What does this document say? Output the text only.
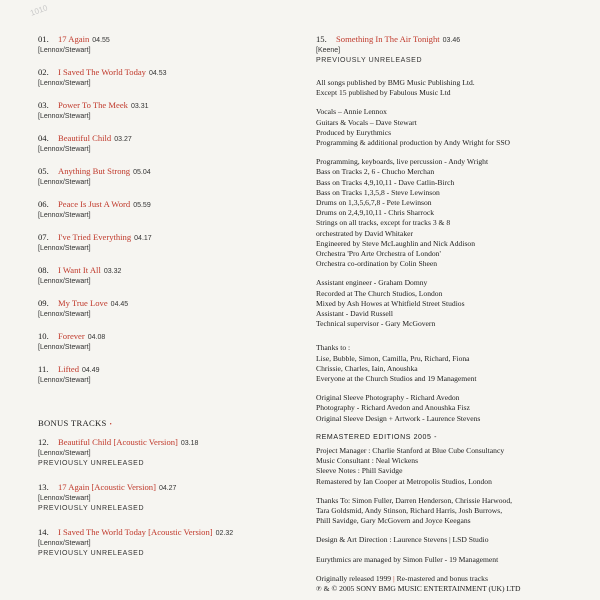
1010
01. 17 Again 04.55
[Lennox/Stewart]
02. I Saved The World Today 04.53
[Lennox/Stewart]
03. Power To The Meek 03.31
[Lennox/Stewart]
04. Beautiful Child 03.27
[Lennox/Stewart]
05. Anything But Strong 05.04
[Lennox/Stewart]
06. Peace Is Just A Word 05.59
[Lennox/Stewart]
07. I've Tried Everything 04.17
[Lennox/Stewart]
08. I Want It All 03.32
[Lennox/Stewart]
09. My True Love 04.45
[Lennox/Stewart]
10. Forever 04.08
[Lennox/Stewart]
11. Lifted 04.49
[Lennox/Stewart]
BONUS TRACKS •
12. Beautiful Child [Acoustic Version] 03.18
[Lennox/Stewart]
PREVIOUSLY UNRELEASED
13. 17 Again [Acoustic Version] 04.27
[Lennox/Stewart]
PREVIOUSLY UNRELEASED
14. I Saved The World Today [Acoustic Version] 02.32
[Lennox/Stewart]
PREVIOUSLY UNRELEASED
15. Something In The Air Tonight 03.46
[Keene]
PREVIOUSLY UNRELEASED
All songs published by BMG Music Publishing Ltd.
Except 15 published by Fabulous Music Ltd
Vocals – Annie Lennox
Guitars & Vocals – Dave Stewart
Produced by Eurythmics
Programming & additional production by Andy Wright for SSO
Programming, keyboards, live percussion - Andy Wright
Bass on Tracks 2, 6 - Chucho Merchan
Bass on Tracks 4,9,10,11 - Dave Catlin-Birch
Bass on Tracks 1,3,5,8 - Steve Lewinson
Drums on 1,3,5,6,7,8 - Pete Lewinson
Drums on 2,4,9,10,11 - Chris Sharrock
Strings on all tracks, except for tracks 3 & 8
orchestrated by David Whitaker
Engineered by Steve McLaughlin and Nick Addison
Orchestra 'Pro Arte Orchestra of London'
Orchestra co-ordination by Colin Sheen
Assistant engineer - Graham Domny
Recorded at The Church Studios, London
Mixed by Ash Howes at Whitfield Street Studios
Assistant - David Russell
Technical supervisor - Gary McGovern
Thanks to :
Lise, Bubble, Simon, Camilla, Pru, Richard, Fiona
Chrissie, Charles, Iain, Anoushka
Everyone at the Church Studios and 19 Management
Original Sleeve Photography - Richard Avedon
Photography - Richard Avedon and Anoushka Fisz
Original Sleeve Design + Artwork - Laurence Stevens
REMASTERED EDITIONS 2005 -
Project Manager : Charlie Stanford at Blue Cube Consultancy
Music Consultant : Neal Wickens
Sleeve Notes : Phill Savidge
Remastered by Ian Cooper at Metropolis Studios, London
Thanks To: Simon Fuller, Darren Henderson, Chrissie Harwood,
Tara Goldsmid, Andy Stinson, Richard Harris, Josh Burrows,
Phill Savidge, Gary McGovern and Joyce Keegans
Design & Art Direction : Laurence Stevens | LSD Studio
Eurythmics are managed by Simon Fuller - 19 Management
Originally released 1999 | Re-mastered and bonus tracks
℗ & © 2005 SONY BMG MUSIC ENTERTAINMENT (UK) LTD
